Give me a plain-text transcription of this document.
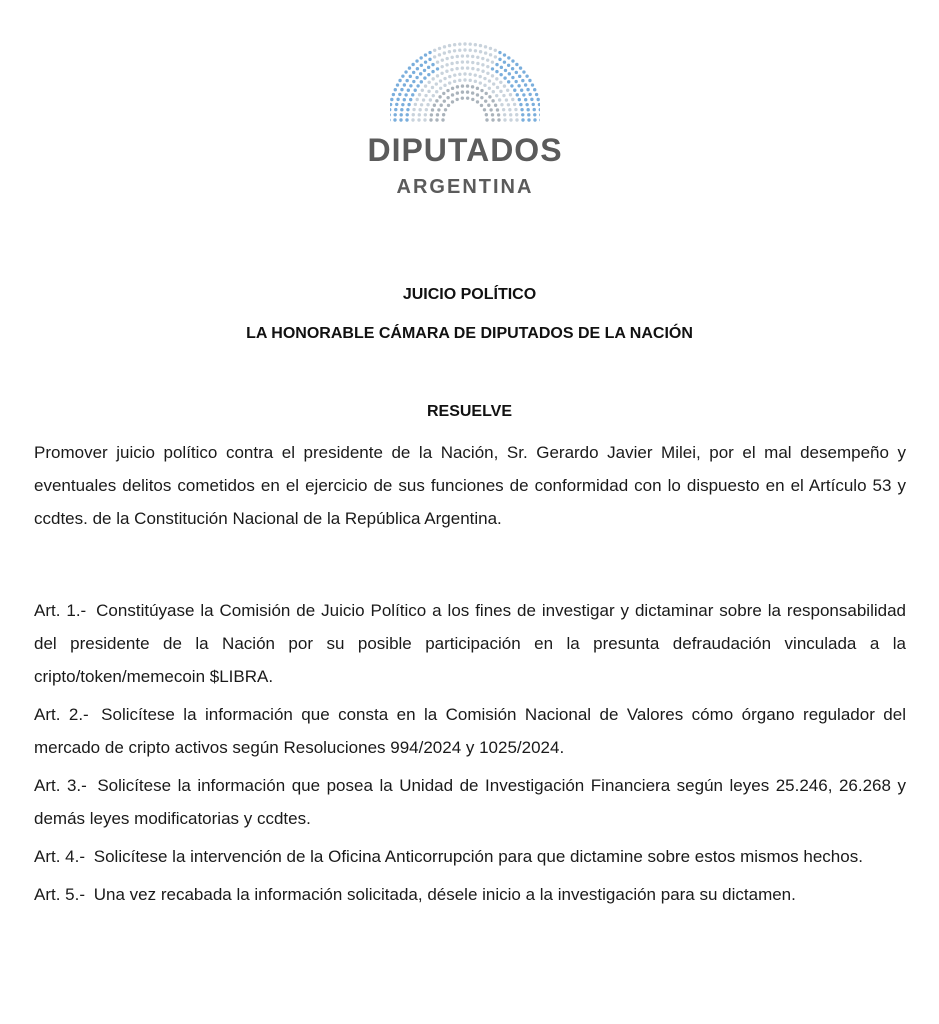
DIPUTADOS
ARGENTINA
JUICIO POLÍTICO
LA HONORABLE CÁMARA DE DIPUTADOS DE LA NACIÓN
RESUELVE
Promover juicio político contra el presidente de la Nación, Sr. Gerardo Javier Milei, por el mal desempeño y eventuales delitos cometidos en el ejercicio de sus funciones de conformidad con lo dispuesto en el Artículo 53 y ccdtes. de la Constitución Nacional de la República Argentina.

Art. 1.- Constitúyase la Comisión de Juicio Político a los fines de investigar y dictaminar sobre la responsabilidad del presidente de la Nación por su posible participación en la presunta defraudación vinculada a la cripto/token/memecoin $LIBRA.

Art. 2.- Solicítese la información que consta en la Comisión Nacional de Valores cómo órgano regulador del mercado de cripto activos según Resoluciones 994/2024 y 1025/2024.

Art. 3.- Solicítese la información que posea la Unidad de Investigación Financiera según leyes 25.246, 26.268 y demás leyes modificatorias y ccdtes.

Art. 4.- Solicítese la intervención de la Oficina Anticorrupción para que dictamine sobre estos mismos hechos.

Art. 5.- Una vez recabada la información solicitada, désele inicio a la investigación para su dictamen.
